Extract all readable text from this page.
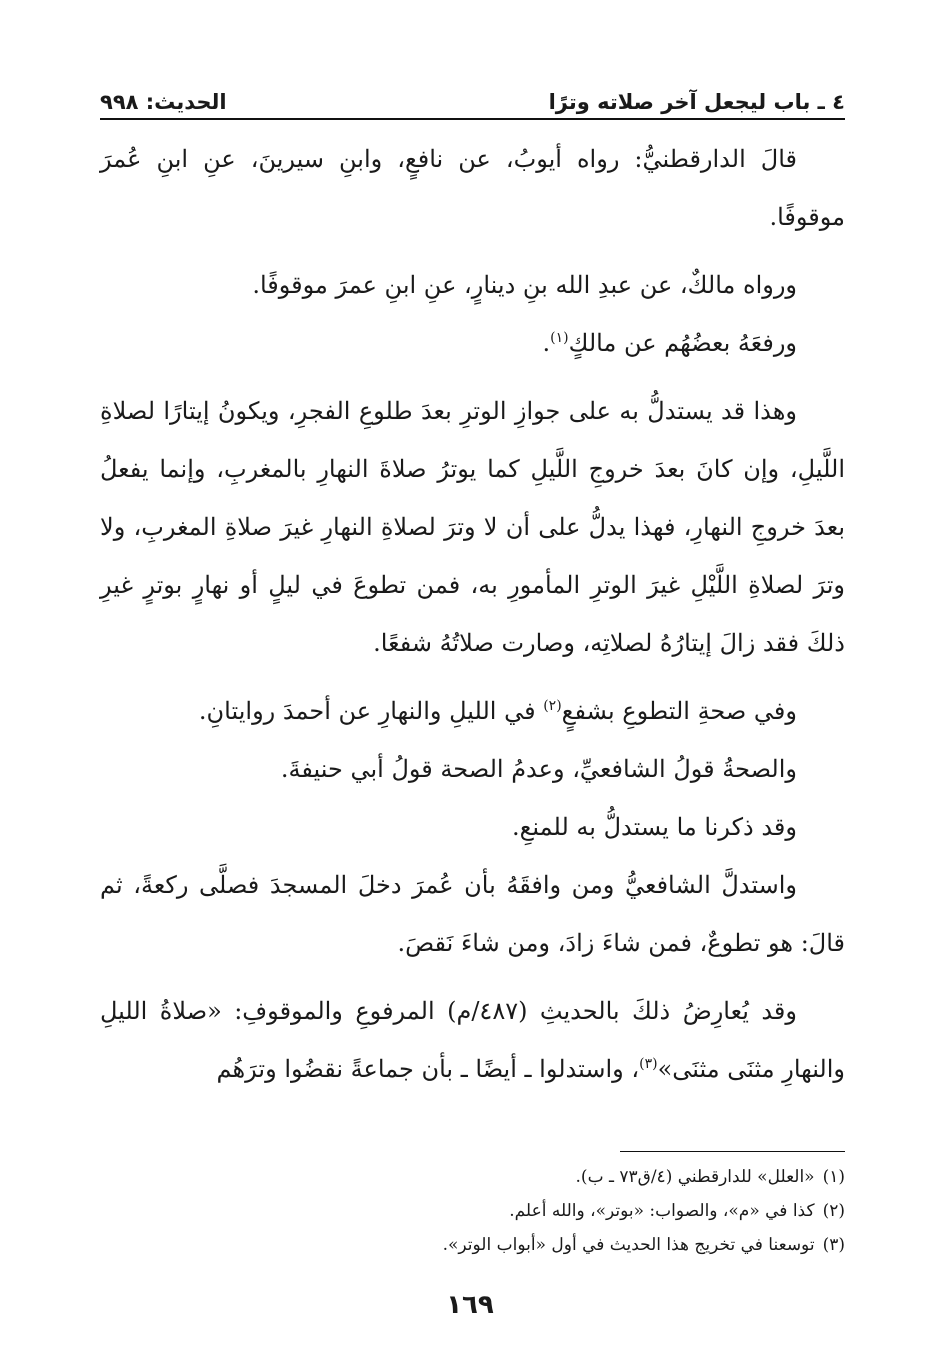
٤ ـ باب ليجعل آخر صلاته وترًا
الحديث: ٩٩٨

قالَ الدارقطنيُّ: رواه أيوبُ، عن نافعٍ، وابنِ سيرينَ، عنِ ابنِ عُمرَ موقوفًا.

ورواه مالكٌ، عن عبدِ الله بنِ دينارٍ، عنِ ابنِ عمرَ موقوفًا.

ورفعَهُ بعضُهُم عن مالكٍ$^{(١)}$.

وهذا قد يستدلُّ به على جوازِ الوترِ بعدَ طلوعِ الفجرِ، ويكونُ إيتارًا لصلاةِ اللَّيلِ، وإن كانَ بعدَ خروجِ اللَّيلِ كما يوترُ صلاةَ النهارِ بالمغربِ، وإنما يفعلُ بعدَ خروجِ النهارِ، فهذا يدلُّ على أن لا وترَ لصلاةِ النهارِ غيرَ صلاةِ المغربِ، ولا وترَ لصلاةِ اللَّيْلِ غيرَ الوترِ المأمورِ به، فمن تطوعَ في ليلٍ أو نهارٍ بوترٍ غيرِ ذلكَ فقد زالَ إيتارُهُ لصلاتِه، وصارت صلاتُهُ شفعًا.

وفي صحةِ التطوعِ بشفعٍ$^{(٢)}$ في الليلِ والنهارِ عن أحمدَ روايتانِ.

والصحةُ قولُ الشافعيِّ، وعدمُ الصحة قولُ أبي حنيفةَ.

وقد ذكرنا ما يستدلُّ به للمنعِ.

واستدلَّ الشافعيُّ ومن وافقَهُ بأن عُمرَ دخلَ المسجدَ فصلَّى ركعةً، ثم قالَ: هو تطوعٌ، فمن شاءَ زادَ، ومن شاءَ نَقصَ.

وقد يُعارِضُ ذلكَ بالحديثِ (٤٨٧/م) المرفوعِ والموقوفِ: «صلاةُ الليلِ والنهارِ مثنَى مثنَى»$^{(٣)}$، واستدلوا ـ أيضًا ـ بأن جماعةً نقضُوا وترَهُم

(١)
«العلل» للدارقطني (٤/ق٧٣ ـ ب).
(٢)
كذا في «م»، والصواب: «بوتر»، والله أعلم.
(٣)
توسعنا في تخريج هذا الحديث في أول «أبواب الوتر».
١٦٩
